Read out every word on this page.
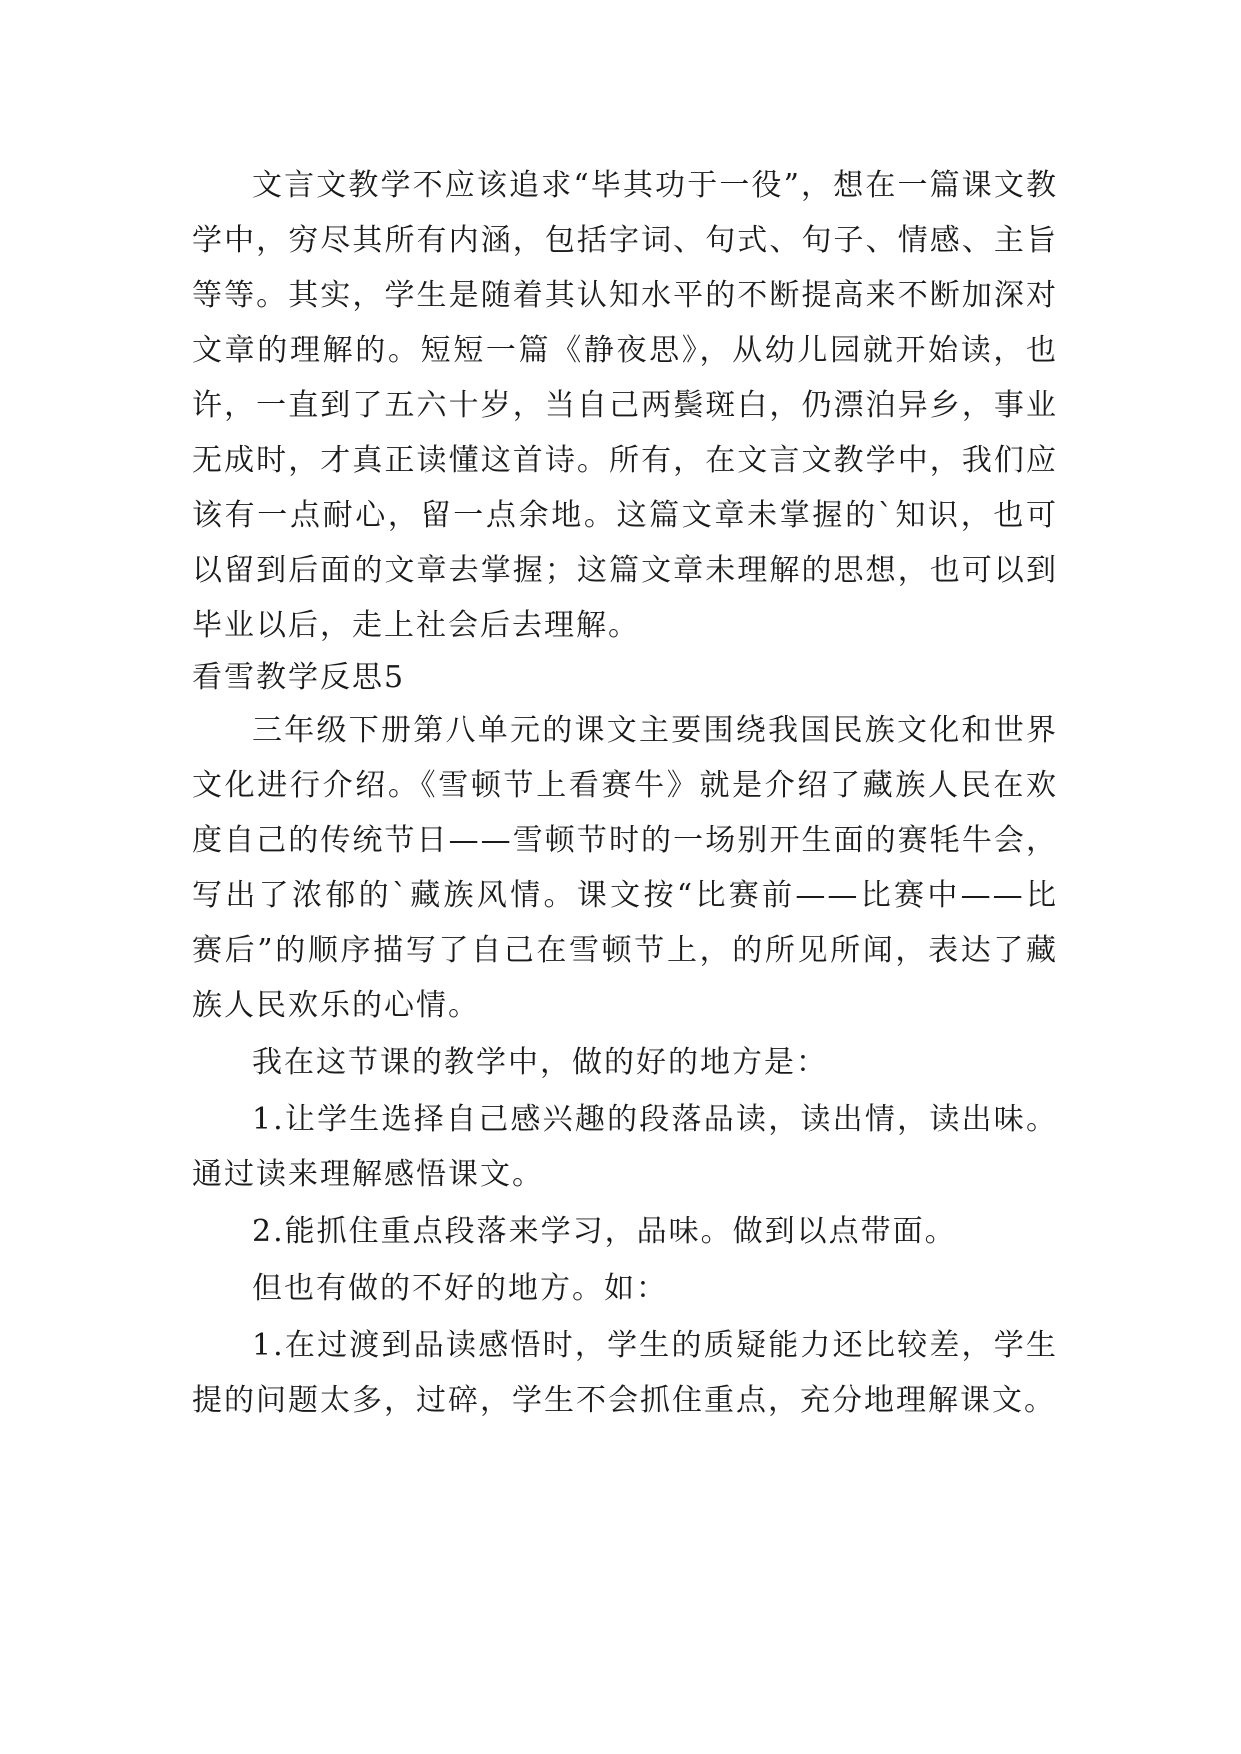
文言文教学不应该追求“毕其功于一役”，想在一篇课文教学中，穷尽其所有内涵，包括字词、句式、句子、情感、主旨等等。其实，学生是随着其认知水平的不断提高来不断加深对文章的理解的。短短一篇《静夜思》，从幼儿园就开始读，也许，一直到了五六十岁，当自己两鬓斑白，仍漂泊异乡，事业无成时，才真正读懂这首诗。所有，在文言文教学中，我们应该有一点耐心，留一点余地。这篇文章未掌握的`知识，也可以留到后面的文章去掌握；这篇文章未理解的思想，也可以到毕业以后，走上社会后去理解。

看雪教学反思5

三年级下册第八单元的课文主要围绕我国民族文化和世界文化进行介绍。《雪顿节上看赛牛》就是介绍了藏族人民在欢度自己的传统节日——雪顿节时的一场别开生面的赛牦牛会，写出了浓郁的`藏族风情。课文按“比赛前——比赛中——比赛后”的顺序描写了自己在雪顿节上，的所见所闻，表达了藏族人民欢乐的心情。

我在这节课的教学中，做的好的地方是：

1.让学生选择自己感兴趣的段落品读，读出情，读出味。通过读来理解感悟课文。

2.能抓住重点段落来学习，品味。做到以点带面。

但也有做的不好的地方。如：

1.在过渡到品读感悟时，学生的质疑能力还比较差，学生提的问题太多，过碎，学生不会抓住重点，充分地理解课文。
